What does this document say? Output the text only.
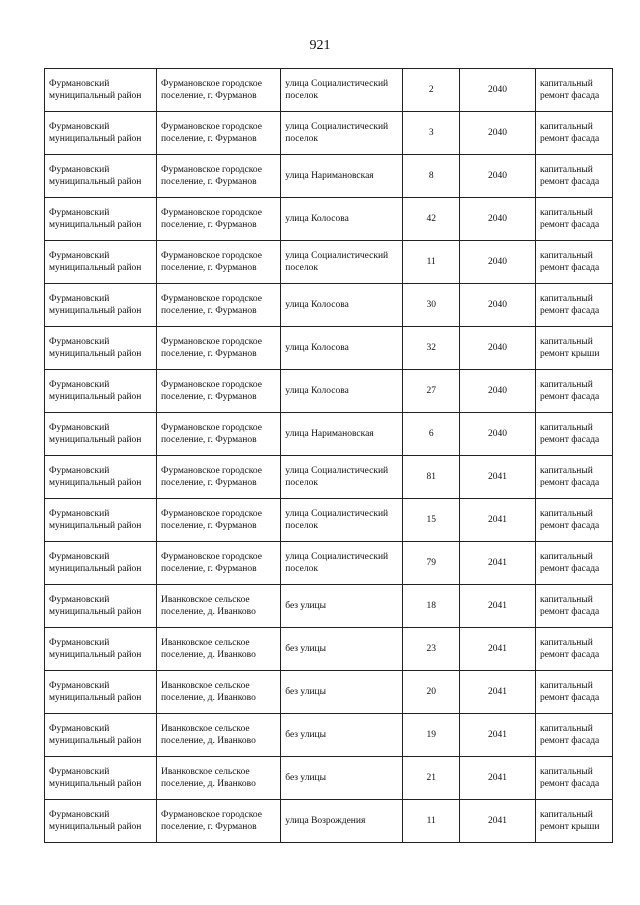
921
Фурмановский муниципальный район	Фурмановское городское поселение, г. Фурманов	улица Социалистический поселок	2	2040	капитальный ремонт фасада
Фурмановский муниципальный район	Фурмановское городское поселение, г. Фурманов	улица Социалистический поселок	3	2040	капитальный ремонт фасада
Фурмановский муниципальный район	Фурмановское городское поселение, г. Фурманов	улица Наримановская	8	2040	капитальный ремонт фасада
Фурмановский муниципальный район	Фурмановское городское поселение, г. Фурманов	улица Колосова	42	2040	капитальный ремонт фасада
Фурмановский муниципальный район	Фурмановское городское поселение, г. Фурманов	улица Социалистический поселок	11	2040	капитальный ремонт фасада
Фурмановский муниципальный район	Фурмановское городское поселение, г. Фурманов	улица Колосова	30	2040	капитальный ремонт фасада
Фурмановский муниципальный район	Фурмановское городское поселение, г. Фурманов	улица Колосова	32	2040	капитальный ремонт крыши
Фурмановский муниципальный район	Фурмановское городское поселение, г. Фурманов	улица Колосова	27	2040	капитальный ремонт фасада
Фурмановский муниципальный район	Фурмановское городское поселение, г. Фурманов	улица Наримановская	6	2040	капитальный ремонт фасада
Фурмановский муниципальный район	Фурмановское городское поселение, г. Фурманов	улица Социалистический поселок	81	2041	капитальный ремонт фасада
Фурмановский муниципальный район	Фурмановское городское поселение, г. Фурманов	улица Социалистический поселок	15	2041	капитальный ремонт фасада
Фурмановский муниципальный район	Фурмановское городское поселение, г. Фурманов	улица Социалистический поселок	79	2041	капитальный ремонт фасада
Фурмановский муниципальный район	Иванковское сельское поселение, д. Иванково	без улицы	18	2041	капитальный ремонт фасада
Фурмановский муниципальный район	Иванковское сельское поселение, д. Иванково	без улицы	23	2041	капитальный ремонт фасада
Фурмановский муниципальный район	Иванковское сельское поселение, д. Иванково	без улицы	20	2041	капитальный ремонт фасада
Фурмановский муниципальный район	Иванковское сельское поселение, д. Иванково	без улицы	19	2041	капитальный ремонт фасада
Фурмановский муниципальный район	Иванковское сельское поселение, д. Иванково	без улицы	21	2041	капитальный ремонт фасада
Фурмановский муниципальный район	Фурмановское городское поселение, г. Фурманов	улица Возрождения	11	2041	капитальный ремонт крыши
